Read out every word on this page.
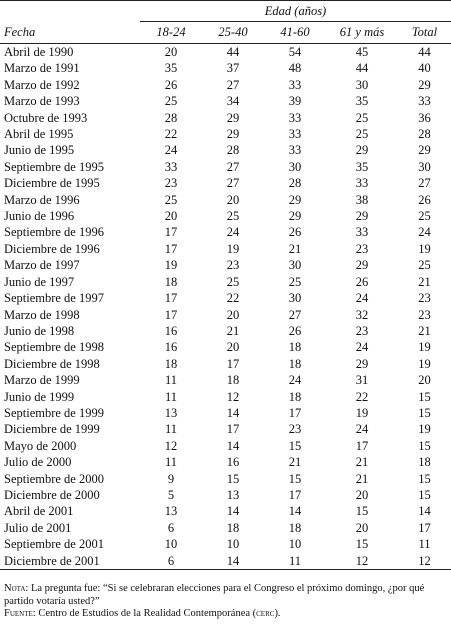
	Edad (años)				
Fecha	18-24	25-40	41-60	61 y más	Total
Abril de 1990	20	44	54	45	44
Marzo de 1991	35	37	48	44	40
Marzo de 1992	26	27	33	30	29
Marzo de 1993	25	34	39	35	33
Octubre de 1993	28	29	33	25	36
Abril de 1995	22	29	33	25	28
Junio de 1995	24	28	33	29	29
Septiembre de 1995	33	27	30	35	30
Diciembre de 1995	23	27	28	33	27
Marzo de 1996	25	20	29	38	26
Junio de 1996	20	25	29	29	25
Septiembre de 1996	17	24	26	33	24
Diciembre de 1996	17	19	21	23	19
Marzo de 1997	19	23	30	29	25
Junio de 1997	18	25	25	26	21
Septiembre de 1997	17	22	30	24	23
Marzo de 1998	17	20	27	32	23
Junio de 1998	16	21	26	23	21
Septiembre de 1998	16	20	18	24	19
Diciembre de 1998	18	17	18	29	19
Marzo de 1999	11	18	24	31	20
Junio de 1999	11	12	18	22	15
Septiembre de 1999	13	14	17	19	15
Diciembre de 1999	11	17	23	24	19
Mayo de 2000	12	14	15	17	15
Julio de 2000	11	16	21	21	18
Septiembre de 2000	9	15	15	21	15
Diciembre de 2000	5	13	17	20	15
Abril de 2001	13	14	14	15	14
Julio de 2001	6	18	18	20	17
Septiembre de 2001	10	10	10	15	11
Diciembre de 2001	6	14	11	12	12
Nota: La pregunta fue: “Si se celebraran elecciones para el Congreso el próximo domingo, ¿por qué partido votaría usted?”
Fuente: Centro de Estudios de la Realidad Contemporánea (cerc).
